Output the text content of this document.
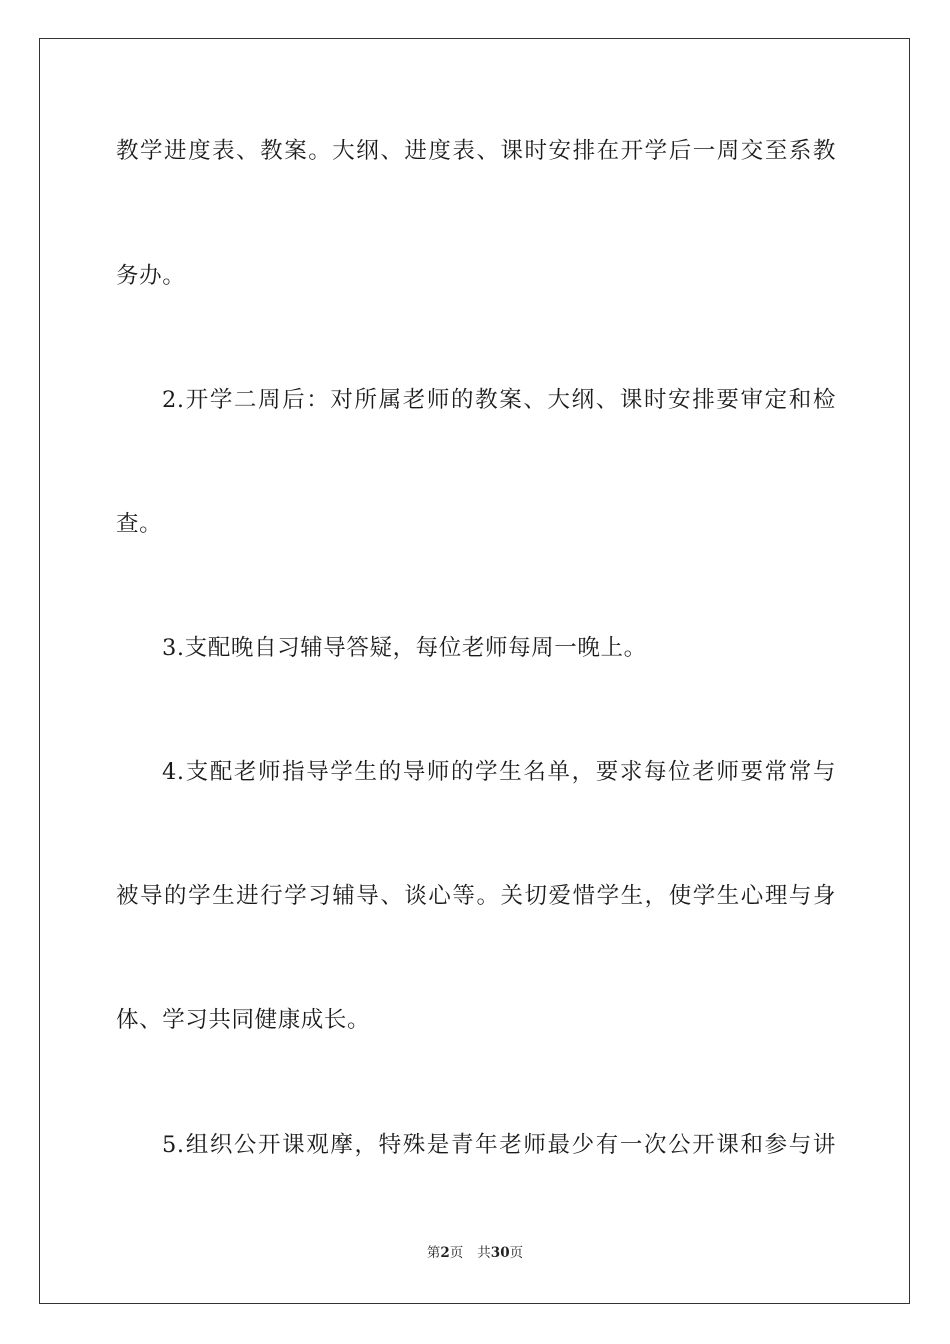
教学进度表、教案。大纲、进度表、课时安排在开学后一周交至系教
务办。
2.开学二周后：对所属老师的教案、大纲、课时安排要审定和检
查。
3.支配晚自习辅导答疑，每位老师每周一晚上。
4.支配老师指导学生的导师的学生名单，要求每位老师要常常与
被导的学生进行学习辅导、谈心等。关切爱惜学生，使学生心理与身
体、学习共同健康成长。
5.组织公开课观摩，特殊是青年老师最少有一次公开课和参与讲
第2页 共30页
